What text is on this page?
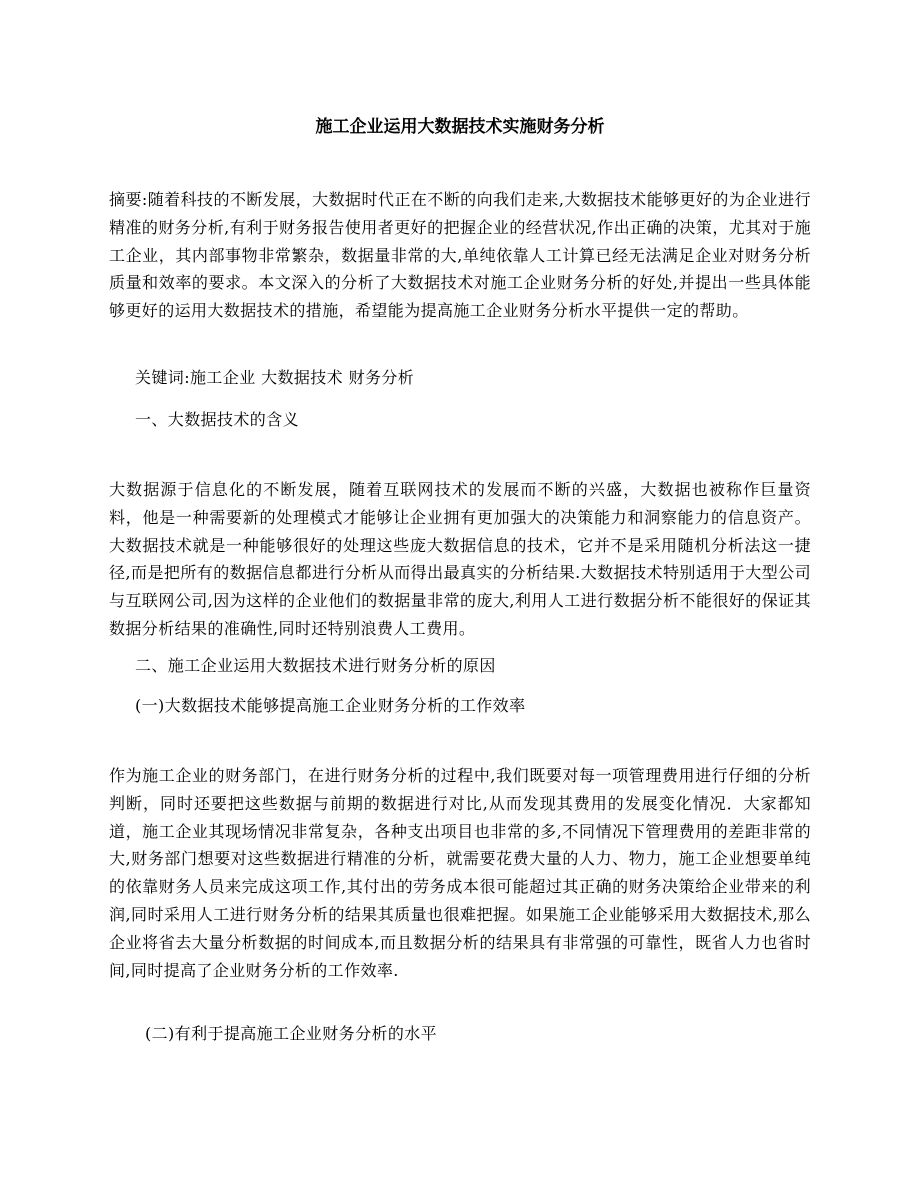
施工企业运用大数据技术实施财务分析
摘要:随着科技的不断发展，大数据时代正在不断的向我们走来,大数据技术能够更好的为企业进行精准的财务分析,有利于财务报告使用者更好的把握企业的经营状况,作出正确的决策，尤其对于施工企业，其内部事物非常繁杂，数据量非常的大,单纯依靠人工计算已经无法满足企业对财务分析质量和效率的要求。本文深入的分析了大数据技术对施工企业财务分析的好处,并提出一些具体能够更好的运用大数据技术的措施，希望能为提高施工企业财务分析水平提供一定的帮助。
关键词:施工企业 大数据技术 财务分析
一、大数据技术的含义
大数据源于信息化的不断发展，随着互联网技术的发展而不断的兴盛，大数据也被称作巨量资料，他是一种需要新的处理模式才能够让企业拥有更加强大的决策能力和洞察能力的信息资产。大数据技术就是一种能够很好的处理这些庞大数据信息的技术，它并不是采用随机分析法这一捷径,而是把所有的数据信息都进行分析从而得出最真实的分析结果.大数据技术特别适用于大型公司与互联网公司,因为这样的企业他们的数据量非常的庞大,利用人工进行数据分析不能很好的保证其数据分析结果的准确性,同时还特别浪费人工费用。
二、施工企业运用大数据技术进行财务分析的原因
(一)大数据技术能够提高施工企业财务分析的工作效率
作为施工企业的财务部门，在进行财务分析的过程中,我们既要对每一项管理费用进行仔细的分析判断，同时还要把这些数据与前期的数据进行对比,从而发现其费用的发展变化情况．大家都知道，施工企业其现场情况非常复杂，各种支出项目也非常的多,不同情况下管理费用的差距非常的大,财务部门想要对这些数据进行精准的分析，就需要花费大量的人力、物力，施工企业想要单纯的依靠财务人员来完成这项工作,其付出的劳务成本很可能超过其正确的财务决策给企业带来的利润,同时采用人工进行财务分析的结果其质量也很难把握。如果施工企业能够采用大数据技术,那么企业将省去大量分析数据的时间成本,而且数据分析的结果具有非常强的可靠性，既省人力也省时间,同时提高了企业财务分析的工作效率.
(二)有利于提高施工企业财务分析的水平
